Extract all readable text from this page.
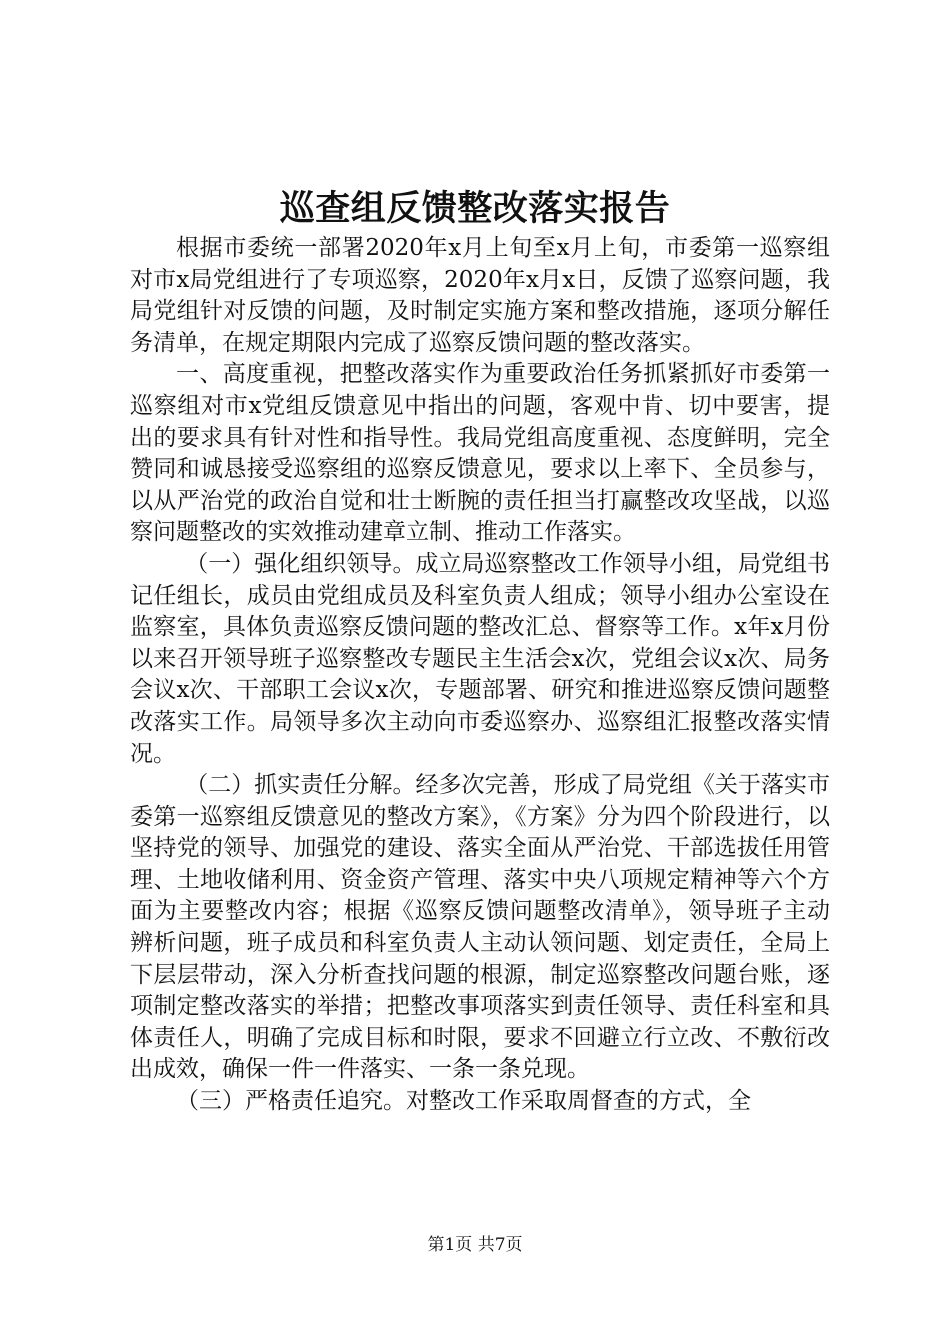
巡查组反馈整改落实报告

根据市委统一部署2020年x月上旬至x月上旬，市委第一巡察组对市x局党组进行了专项巡察，2020年x月x日，反馈了巡察问题，我局党组针对反馈的问题，及时制定实施方案和整改措施，逐项分解任务清单，在规定期限内完成了巡察反馈问题的整改落实。

一、高度重视，把整改落实作为重要政治任务抓紧抓好市委第一巡察组对市x党组反馈意见中指出的问题，客观中肯、切中要害，提出的要求具有针对性和指导性。我局党组高度重视、态度鲜明，完全赞同和诚恳接受巡察组的巡察反馈意见，要求以上率下、全员参与，以从严治党的政治自觉和壮士断腕的责任担当打赢整改攻坚战，以巡察问题整改的实效推动建章立制、推动工作落实。

（一）强化组织领导。成立局巡察整改工作领导小组，局党组书记任组长，成员由党组成员及科室负责人组成；领导小组办公室设在监察室，具体负责巡察反馈问题的整改汇总、督察等工作。x年x月份以来召开领导班子巡察整改专题民主生活会x次，党组会议x次、局务会议x次、干部职工会议x次，专题部署、研究和推进巡察反馈问题整改落实工作。局领导多次主动向市委巡察办、巡察组汇报整改落实情况。

（二）抓实责任分解。经多次完善，形成了局党组《关于落实市委第一巡察组反馈意见的整改方案》，《方案》分为四个阶段进行，以坚持党的领导、加强党的建设、落实全面从严治党、干部选拔任用管理、土地收储利用、资金资产管理、落实中央八项规定精神等六个方面为主要整改内容；根据《巡察反馈问题整改清单》，领导班子主动辨析问题，班子成员和科室负责人主动认领问题、划定责任，全局上下层层带动，深入分析查找问题的根源，制定巡察整改问题台账，逐项制定整改落实的举措；把整改事项落实到责任领导、责任科室和具体责任人，明确了完成目标和时限，要求不回避立行立改、不敷衍改出成效，确保一件一件落实、一条一条兑现。

（三）严格责任追究。对整改工作采取周督查的方式，全

第1页 共7页
